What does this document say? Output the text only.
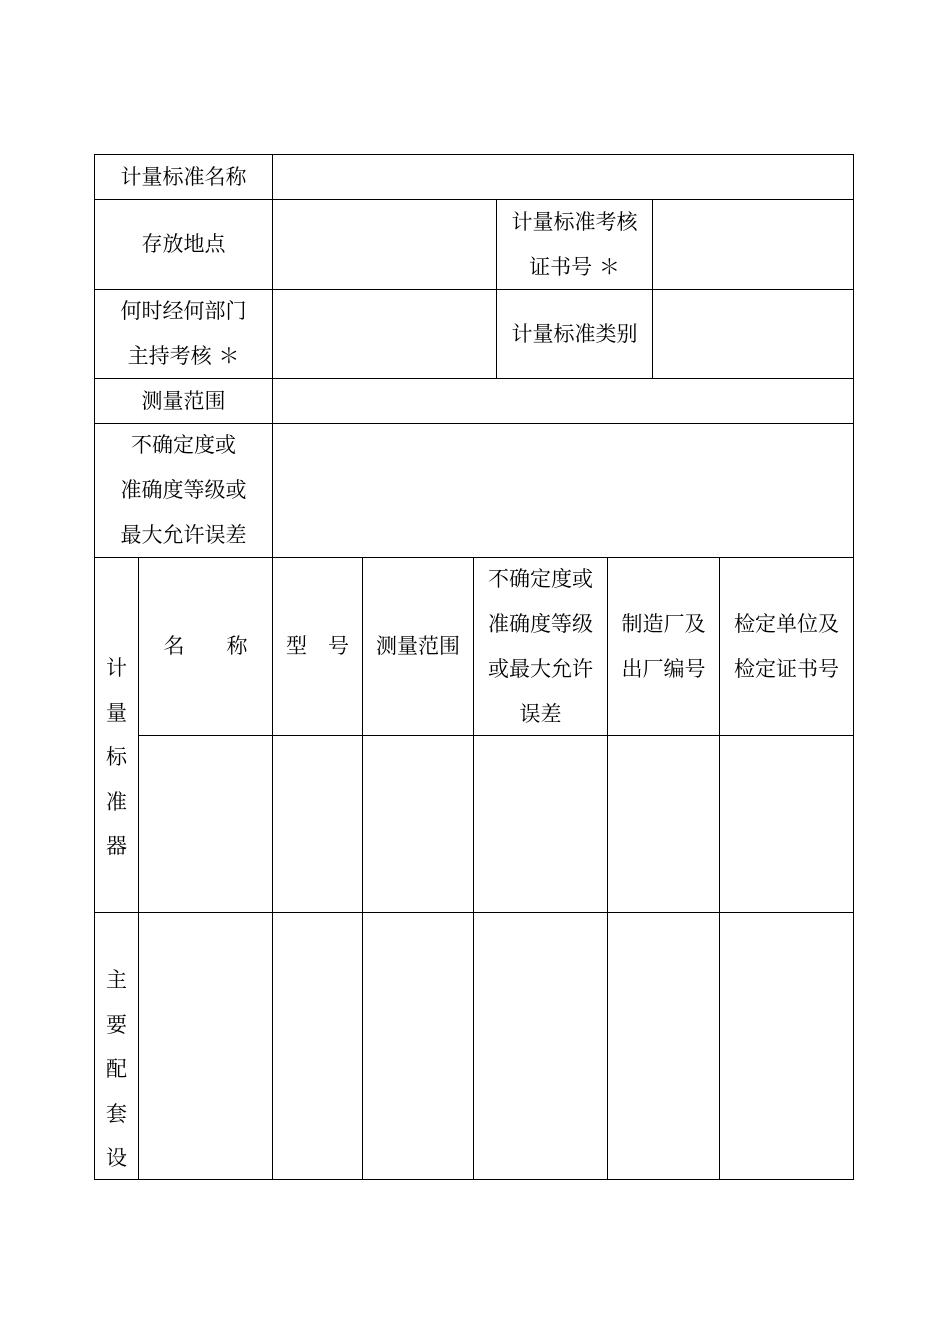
计量标准名称
存放地点
计量标准考核
证书号 ＊
何时经何部门
主持考核 ＊
计量标准类别
测量范围
不确定度或
准确度等级或
最大允许误差
名　　称	型　号	测量范围
不确定度或
准确度等级
或最大允许
误差
制造厂及
出厂编号
检定单位及
检定证书号
计
量
标
准
器
主
要
配
套
设
